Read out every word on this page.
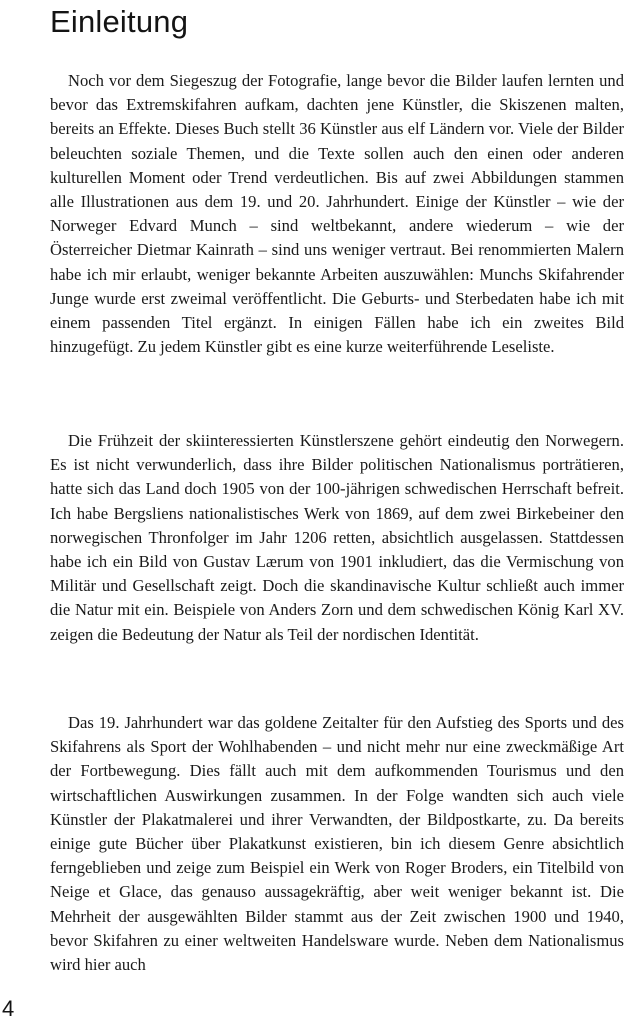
Einleitung

Noch vor dem Siegeszug der Fotografie, lange bevor die Bilder laufen lernten und bevor das Extremskifahren aufkam, dachten jene Künstler, die Skiszenen malten, bereits an Effekte. Dieses Buch stellt 36 Künstler aus elf Ländern vor. Viele der Bilder beleuchten soziale Themen, und die Texte sollen auch den einen oder anderen kulturellen Moment oder Trend verdeutlichen. Bis auf zwei Abbildungen stammen alle Illustrationen aus dem 19. und 20. Jahrhundert. Einige der Künstler – wie der Norweger Edvard Munch – sind weltbekannt, andere wiederum – wie der Österreicher Dietmar Kainrath – sind uns weniger vertraut. Bei renommierten Malern habe ich mir erlaubt, weniger bekannte Arbeiten auszuwählen: Munchs Skifahrender Junge wurde erst zweimal veröffentlicht. Die Geburts- und Sterbedaten habe ich mit einem passenden Titel ergänzt. In einigen Fällen habe ich ein zweites Bild hinzugefügt. Zu jedem Künstler gibt es eine kurze weiterführende Leseliste.

Die Frühzeit der skiinteressierten Künstlerszene gehört eindeutig den Norwegern. Es ist nicht verwunderlich, dass ihre Bilder politischen Nationalismus porträtieren, hatte sich das Land doch 1905 von der 100-jährigen schwedischen Herrschaft befreit. Ich habe Bergsliens nationalistisches Werk von 1869, auf dem zwei Birkebeiner den norwegischen Thronfolger im Jahr 1206 retten, absichtlich ausgelassen. Stattdessen habe ich ein Bild von Gustav Lærum von 1901 inkludiert, das die Vermischung von Militär und Gesellschaft zeigt. Doch die skandinavische Kultur schließt auch immer die Natur mit ein. Beispiele von Anders Zorn und dem schwedischen König Karl XV. zeigen die Bedeutung der Natur als Teil der nordischen Identität.

Das 19. Jahrhundert war das goldene Zeitalter für den Aufstieg des Sports und des Skifahrens als Sport der Wohlhabenden – und nicht mehr nur eine zweckmäßige Art der Fortbewegung. Dies fällt auch mit dem aufkommenden Tourismus und den wirtschaftlichen Auswirkungen zusammen. In der Folge wandten sich auch viele Künstler der Plakatmalerei und ihrer Verwandten, der Bildpostkarte, zu. Da bereits einige gute Bücher über Plakatkunst existieren, bin ich diesem Genre absichtlich ferngeblieben und zeige zum Beispiel ein Werk von Roger Broders, ein Titelbild von Neige et Glace, das genauso aussagekräftig, aber weit weniger bekannt ist. Die Mehrheit der ausgewählten Bilder stammt aus der Zeit zwischen 1900 und 1940, bevor Skifahren zu einer weltweiten Handelsware wurde. Neben dem Nationalismus wird hier auch

4
